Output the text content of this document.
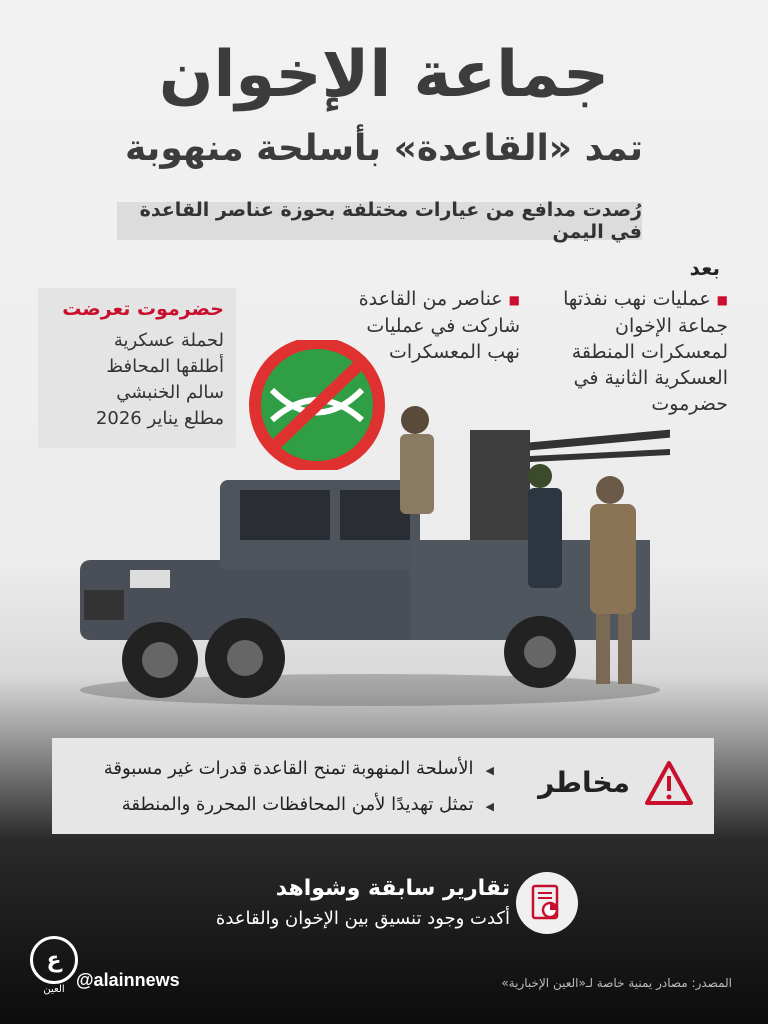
جماعة الإخوان
تمد «القاعدة» بأسلحة منهوبة
رُصدت مدافع من عيارات مختلفة بحوزة عناصر القاعدة في اليمن
بعد
■عمليات نهب نفذتها
جماعة الإخوان
لمعسكرات المنطقة
العسكرية الثانية في
حضرموت
■عناصر من القاعدة
شاركت في عمليات
نهب المعسكرات
حضرموت تعرضت
لحملة عسكرية
أطلقها المحافظ
سالم الخنبشي
مطلع يناير 2026
مخاطر
◀الأسلحة المنهوبة تمنح القاعدة قدرات غير مسبوقة
◀تمثل تهديدًا لأمن المحافظات المحررة والمنطقة
تقارير سابقة وشواهد
أكدت وجود تنسيق بين الإخوان والقاعدة
ع
العين @alainnews	المصدر: مصادر يمنية خاصة لـ«العين الإخبارية»
